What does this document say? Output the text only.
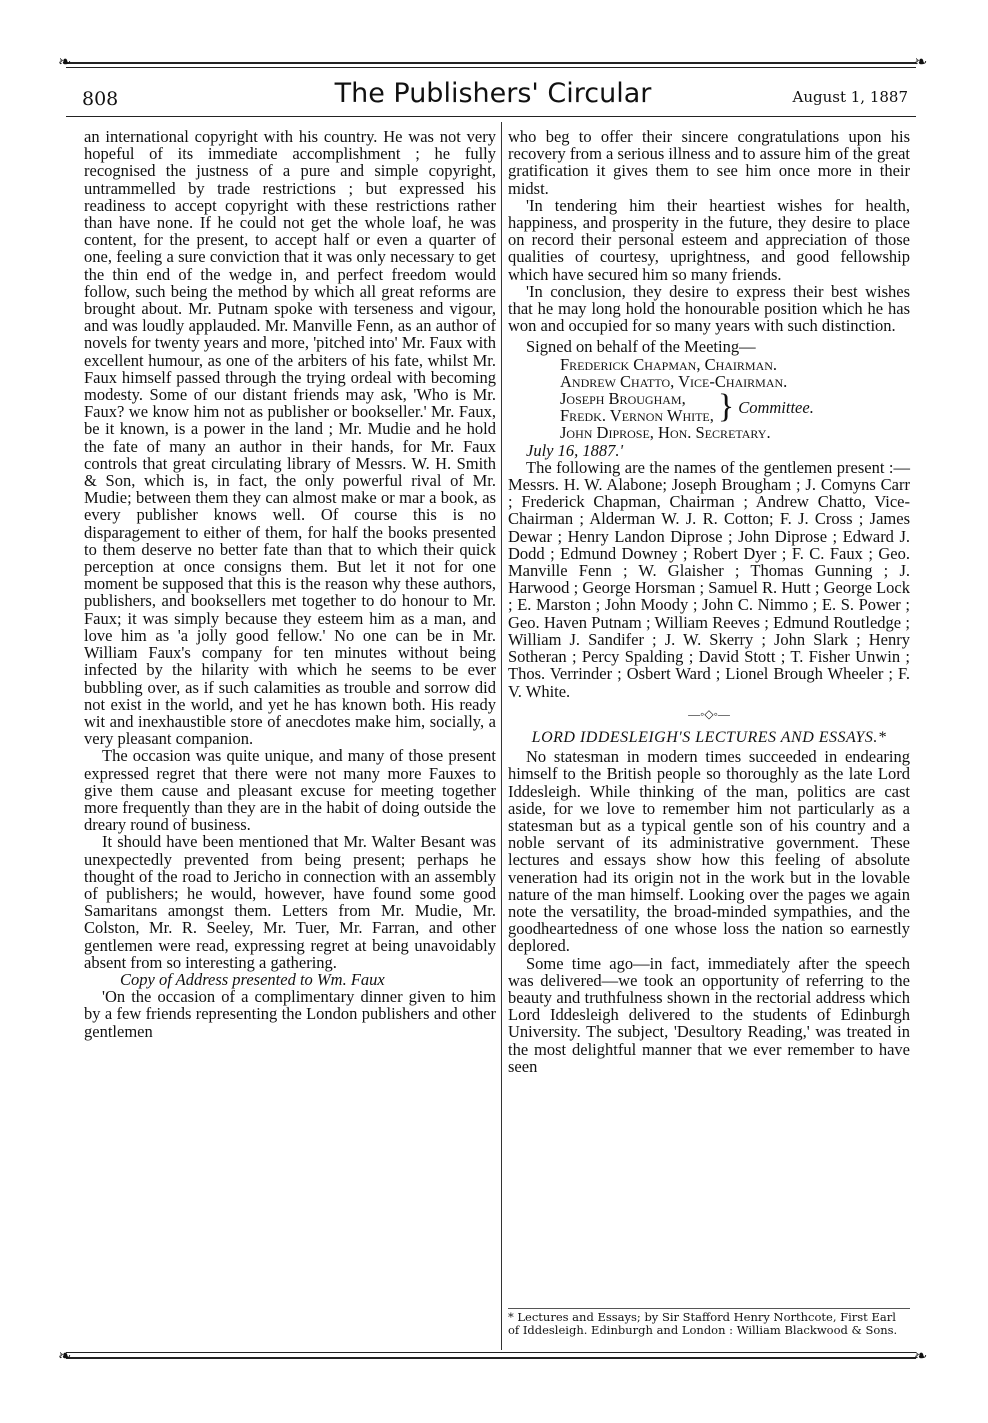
❧	❧
808	The Publishers' Circular	August 1, 1887

an international copyright with his country. He was not very hopeful of its immediate accomplishment ; he fully recognised the justness of a pure and simple copyright, untrammelled by trade restrictions ; but expressed his readiness to accept copyright with these restrictions rather than have none. If he could not get the whole loaf, he was content, for the present, to accept half or even a quarter of one, feeling a sure conviction that it was only necessary to get the thin end of the wedge in, and perfect freedom would follow, such being the method by which all great reforms are brought about. Mr. Putnam spoke with terseness and vigour, and was loudly applauded. Mr. Manville Fenn, as an author of novels for twenty years and more, 'pitched into' Mr. Faux with excellent humour, as one of the arbiters of his fate, whilst Mr. Faux himself passed through the trying ordeal with becoming modesty. Some of our distant friends may ask, 'Who is Mr. Faux? we know him not as publisher or bookseller.' Mr. Faux, be it known, is a power in the land ; Mr. Mudie and he hold the fate of many an author in their hands, for Mr. Faux controls that great circulating library of Messrs. W. H. Smith & Son, which is, in fact, the only powerful rival of Mr. Mudie; between them they can almost make or mar a book, as every publisher knows well. Of course this is no disparagement to either of them, for half the books presented to them deserve no better fate than that to which their quick perception at once consigns them. But let it not for one moment be supposed that this is the reason why these authors, publishers, and booksellers met together to do honour to Mr. Faux; it was simply because they esteem him as a man, and love him as 'a jolly good fellow.' No one can be in Mr. William Faux's company for ten minutes without being infected by the hilarity with which he seems to be ever bubbling over, as if such calamities as trouble and sorrow did not exist in the world, and yet he has known both. His ready wit and inexhaustible store of anecdotes make him, socially, a very pleasant companion.

The occasion was quite unique, and many of those present expressed regret that there were not many more Fauxes to give them cause and pleasant excuse for meeting together more frequently than they are in the habit of doing outside the dreary round of business.

It should have been mentioned that Mr. Walter Besant was unexpectedly prevented from being present; perhaps he thought of the road to Jericho in connection with an assembly of publishers; he would, however, have found some good Samaritans amongst them. Letters from Mr. Mudie, Mr. Colston, Mr. R. Seeley, Mr. Tuer, Mr. Farran, and other gentlemen were read, expressing regret at being unavoidably absent from so interesting a gathering.

Copy of Address presented to Wm. Faux

'On the occasion of a complimentary dinner given to him by a few friends representing the London publishers and other gentlemen

who beg to offer their sincere congratulations upon his recovery from a serious illness and to assure him of the great gratification it gives them to see him once more in their midst.

'In tendering him their heartiest wishes for health, happiness, and prosperity in the future, they desire to place on record their personal esteem and appreciation of those qualities of courtesy, uprightness, and good fellowship which have secured him so many friends.

'In conclusion, they desire to express their best wishes that he may long hold the honourable position which he has won and occupied for so many years with such distinction.

Signed on behalf of the Meeting—

Frederick Chapman, Chairman.

Andrew Chatto, Vice-Chairman.

Joseph Brougham,

Fredk. Vernon White, } Committee.

John Diprose, Hon. Secretary.

July 16, 1887.'

The following are the names of the gentlemen present :—Messrs. H. W. Alabone; Joseph Brougham ; J. Comyns Carr ; Frederick Chapman, Chairman ; Andrew Chatto, Vice-Chairman ; Alderman W. J. R. Cotton; F. J. Cross ; James Dewar ; Henry Landon Diprose ; John Diprose ; Edward J. Dodd ; Edmund Downey ; Robert Dyer ; F. C. Faux ; Geo. Manville Fenn ; W. Glaisher ; Thomas Gunning ; J. Harwood ; George Horsman ; Samuel R. Hutt ; George Lock ; E. Marston ; John Moody ; John C. Nimmo ; E. S. Power ; Geo. Haven Putnam ; William Reeves ; Edmund Routledge ; William J. Sandifer ; J. W. Skerry ; John Slark ; Henry Sotheran ; Percy Spalding ; David Stott ; T. Fisher Unwin ; Thos. Verrinder ; Osbert Ward ; Lionel Brough Wheeler ; F. V. White.

—◦◇◦—
LORD IDDESLEIGH'S LECTURES AND ESSAYS.*

No statesman in modern times succeeded in endearing himself to the British people so thoroughly as the late Lord Iddesleigh. While thinking of the man, politics are cast aside, for we love to remember him not particularly as a statesman but as a typical gentle son of his country and a noble servant of its administrative government. These lectures and essays show how this feeling of absolute veneration had its origin not in the work but in the lovable nature of the man himself. Looking over the pages we again note the versatility, the broad-minded sympathies, and the goodheartedness of one whose loss the nation so earnestly deplored.

Some time ago—in fact, immediately after the speech was delivered—we took an opportunity of referring to the beauty and truthfulness shown in the rectorial address which Lord Iddesleigh delivered to the students of Edinburgh University. The subject, 'Desultory Reading,' was treated in the most delightful manner that we ever remember to have seen

* Lectures and Essays; by Sir Stafford Henry Northcote, First Earl of Iddesleigh. Edinburgh and London : William Blackwood & Sons.
❧	❧
